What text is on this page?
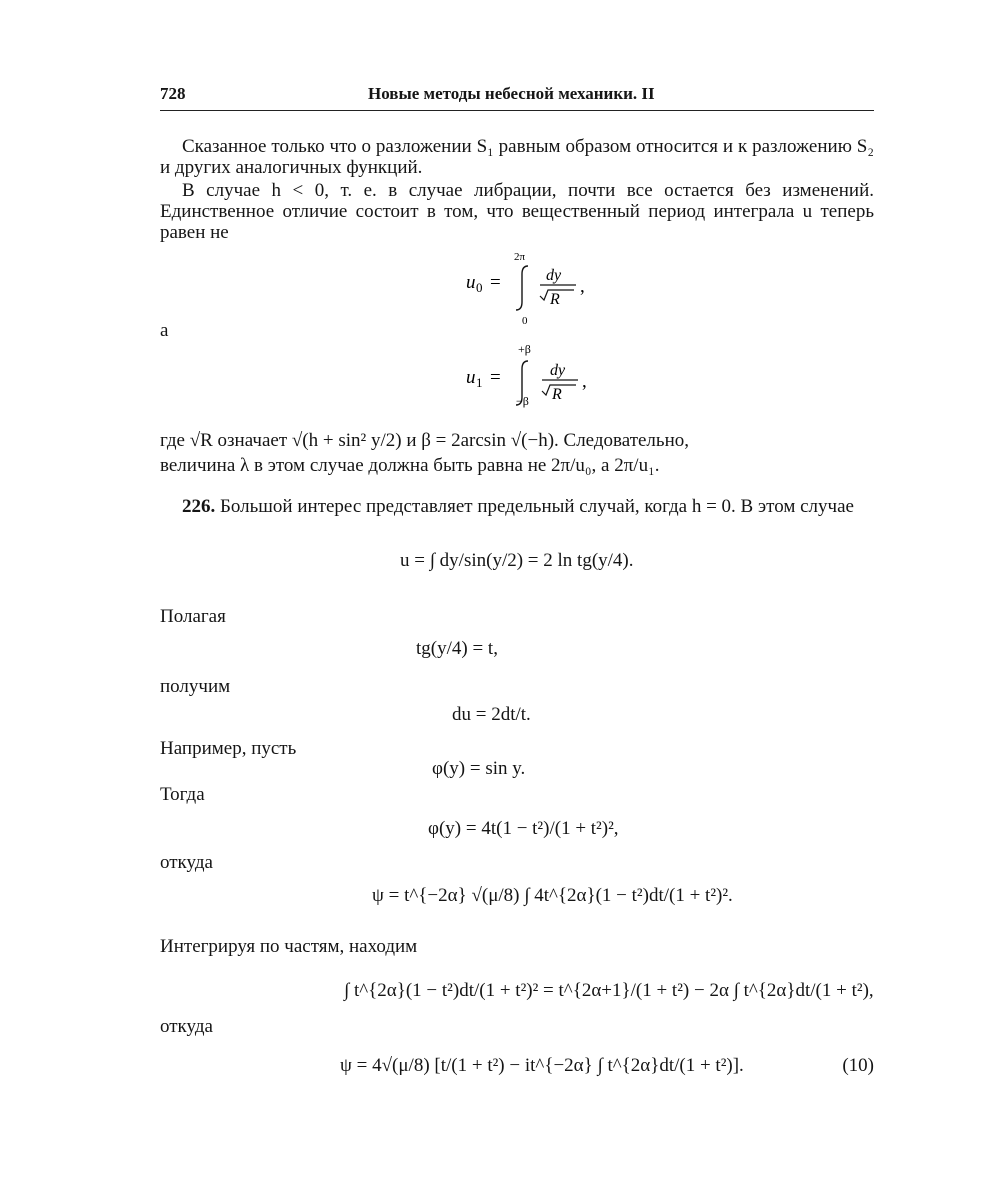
728	Новые методы небесной механики. II
Сказанное только что о разложении S₁ равным образом относится и к разложению S₂ и других аналогичных функций.
В случае h < 0, т. е. в случае либрации, почти все остается без изменений. Единственное отличие состоит в том, что вещественный период интеграла u теперь равен не
u 0 =
2π
0
dy
R
,
а
u 1 =
+β
−β
dy
R
,
где √R означает √(h + sin² y/2) и β = 2arcsin √(−h). Следовательно,
величина λ в этом случае должна быть равна не 2π/u₀, а 2π/u₁.
226. Большой интерес представляет предельный случай, когда h = 0. В этом случае
u = ∫ dy/sin(y/2) = 2 ln tg(y/4).
Полагая
tg(y/4) = t,
получим
du = 2dt/t.
Например, пусть
φ(y) = sin y.
Тогда
φ(y) = 4t(1 − t²)/(1 + t²)²,
откуда
ψ = t^{−2α} √(μ/8) ∫ 4t^{2α}(1 − t²)dt/(1 + t²)².
Интегрируя по частям, находим
∫ t^{2α}(1 − t²)dt/(1 + t²)² = t^{2α+1}/(1 + t²) − 2α ∫ t^{2α}dt/(1 + t²),
откуда
ψ = 4√(μ/8) [t/(1 + t²) − it^{−2α} ∫ t^{2α}dt/(1 + t²)].	(10)
